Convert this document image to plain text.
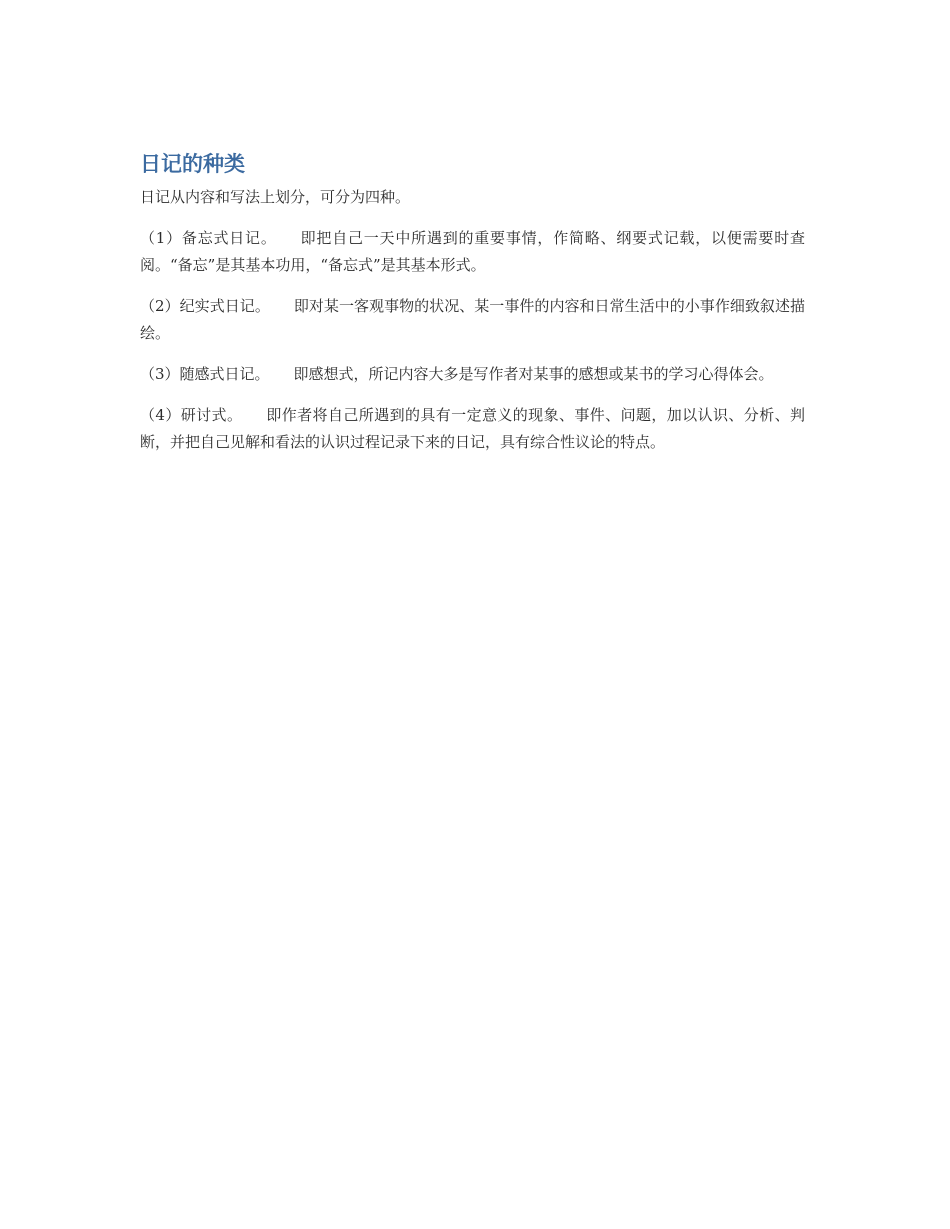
日记的种类

日记从内容和写法上划分，可分为四种。

（1）备忘式日记。 即把自己一天中所遇到的重要事情，作简略、纲要式记载，以便需要时查阅。“备忘”是其基本功用，“备忘式”是其基本形式。

（2）纪实式日记。 即对某一客观事物的状况、某一事件的内容和日常生活中的小事作细致叙述描绘。

（3）随感式日记。 即感想式，所记内容大多是写作者对某事的感想或某书的学习心得体会。

（4）研讨式。 即作者将自己所遇到的具有一定意义的现象、事件、问题，加以认识、分析、判断，并把自己见解和看法的认识过程记录下来的日记，具有综合性议论的特点。
